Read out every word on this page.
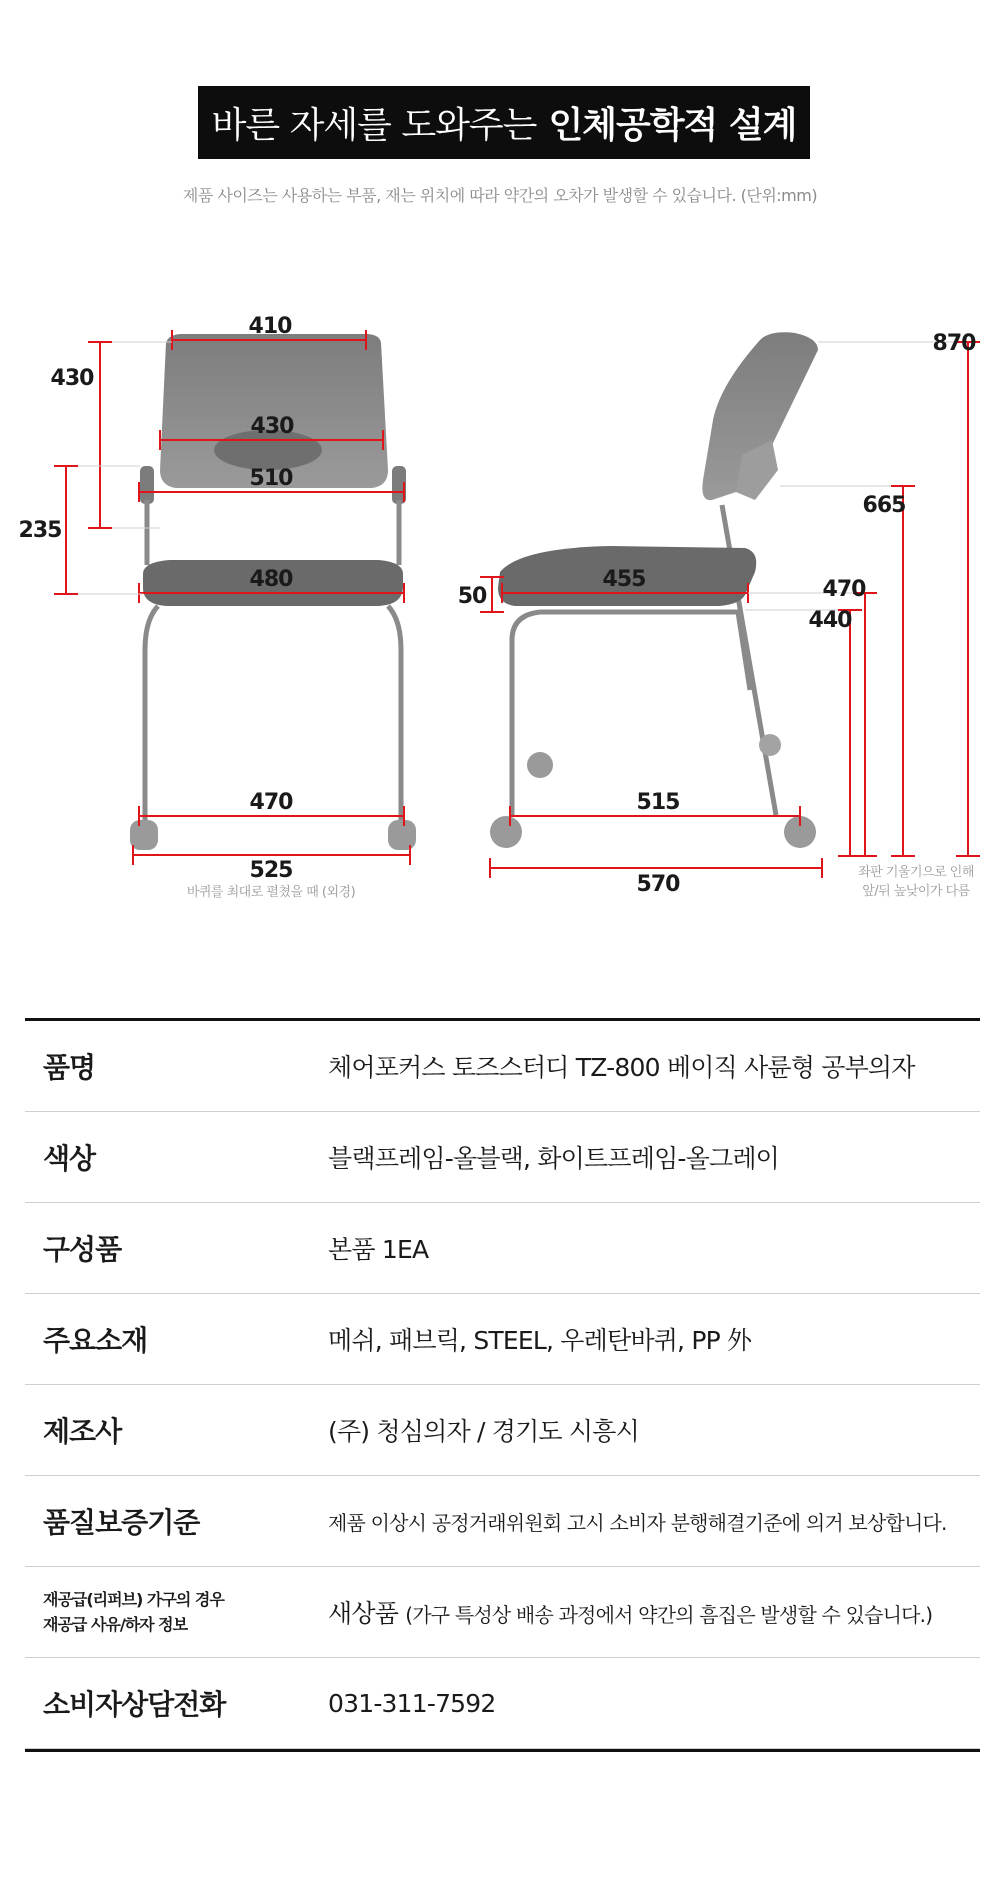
바른 자세를 도와주는 인체공학적 설계
제품 사이즈는 사용하는 부품, 재는 위치에 따라 약간의 오차가 발생할 수 있습니다. (단위:mm)
410
430
430
510
235
480
470
525
바퀴를 최대로 펼쳤을 때 (외경)
870
665
50
455	470
440
515
570	좌판 기울기으로 인해
앞/뒤 높낮이가 다름
품명	체어포커스 토즈스터디 TZ-800 베이직 사륜형 공부의자
색상	블랙프레임-올블랙, 화이트프레임-올그레이
구성품	본품 1EA
주요소재	메쉬, 패브릭, STEEL, 우레탄바퀴, PP 外
제조사	(주) 청심의자 / 경기도 시흥시
품질보증기준	제품 이상시 공정거래위원회 고시 소비자 분행해결기준에 의거 보상합니다.
재공급(리퍼브) 가구의 경우
재공급 사유/하자 정보	새상품 (가구 특성상 배송 과정에서 약간의 흠집은 발생할 수 있습니다.)
소비자상담전화	031-311-7592
